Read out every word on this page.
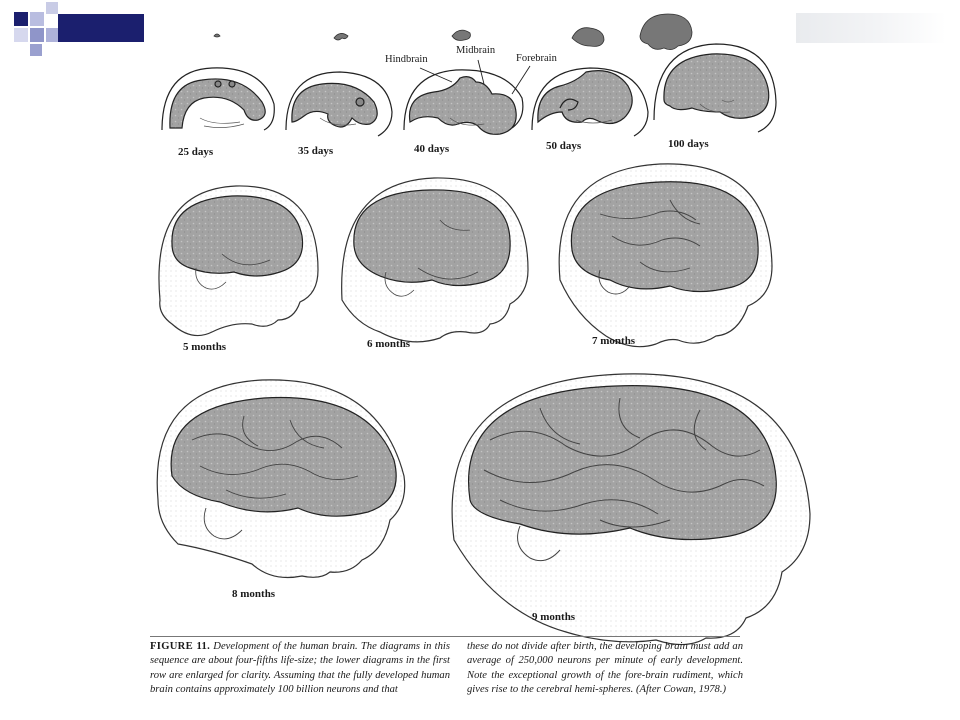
Hindbrain
Midbrain
Forebrain
25 days	35 days	40 days	50 days	100 days
5 months	6 months	7 months
8 months
9 months

FIGURE 11. Development of the human brain. The diagrams in this sequence are about four-fifths life-size; the lower diagrams in the first row are enlarged for clarity. Assuming that the fully developed human brain contains approximately 100 billion neurons and that

these do not divide after birth, the developing brain must add an average of 250,000 neurons per minute of early development. Note the exceptional growth of the fore-brain rudiment, which gives rise to the cerebral hemi-spheres. (After Cowan, 1978.)
